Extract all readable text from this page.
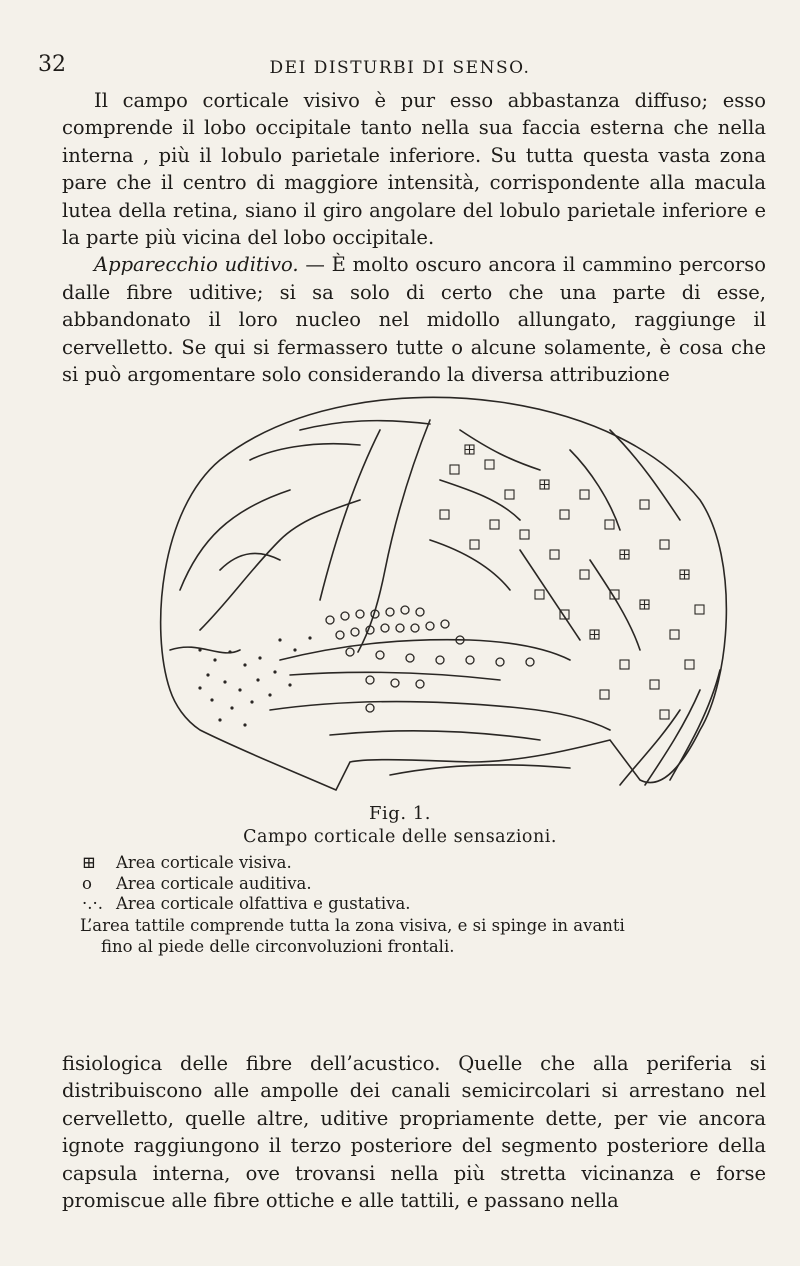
32	DEI DISTURBI DI SENSO.

Il campo corticale visivo è pur esso abbastanza diffuso; esso comprende il lobo occipitale tanto nella sua faccia esterna che nella interna , più il lobulo parietale inferiore. Su tutta questa vasta zona pare che il centro di maggiore intensità, corrispondente alla macula lutea della retina, siano il giro angolare del lobulo parietale inferiore e la parte più vicina del lobo occipitale.

Apparecchio uditivo. — È molto oscuro ancora il cammino percorso dalle fibre uditive; si sa solo di certo che una parte di esse, abbandonato il loro nucleo nel midollo allungato, raggiunge il cervelletto. Se qui si fermassero tutte o alcune solamente, è cosa che si può argomentare solo considerando la diversa attribuzione

Fig. 1.
Campo corticale delle sensazioni.
⊞	Area corticale visiva.
o	Area corticale auditiva.
·.·. Area corticale olfattiva e gustativa.
L’area tattile comprende tutta la zona visiva, e si spinge in avanti
fino al piede delle circonvoluzioni frontali.

fisiologica delle fibre dell’acustico. Quelle che alla periferia si distribuiscono alle ampolle dei canali semicircolari si arrestano nel cervelletto, quelle altre, uditive propriamente dette, per vie ancora ignote raggiungono il terzo posteriore del segmento posteriore della capsula interna, ove trovansi nella più stretta vicinanza e forse promiscue alle fibre ottiche e alle tattili, e passano nella
